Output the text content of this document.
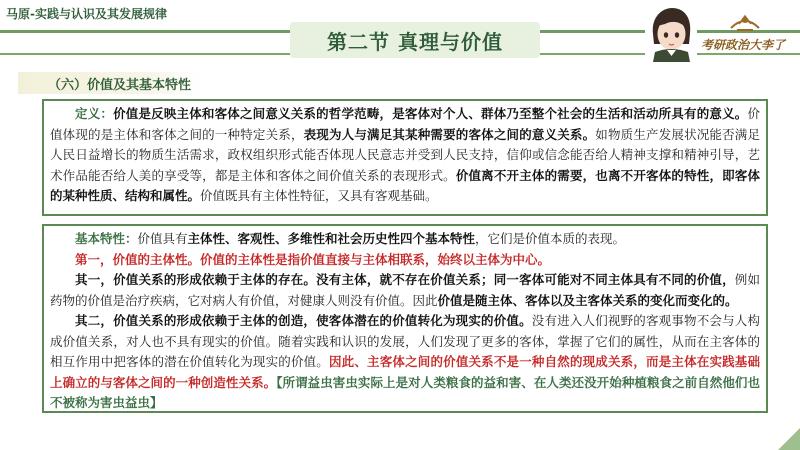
马原-实践与认识及其发展规律
第二节 真理与价值	考研政治大李了
（六）价值及其基本特性

定义：价值是反映主体和客体之间意义关系的哲学范畴，是客体对个人、群体乃至整个社会的生活和活动所具有的意义。价值体现的是主体和客体之间的一种特定关系，表现为人与满足其某种需要的客体之间的意义关系。如物质生产发展状况能否满足人民日益增长的物质生活需求，政权组织形式能否体现人民意志并受到人民支持，信仰或信念能否给人精神支撑和精神引导，艺术作品能否给人美的享受等，都是主体和客体之间价值关系的表现形式。价值离不开主体的需要，也离不开客体的特性，即客体的某种性质、结构和属性。价值既具有主体性特征，又具有客观基础。

基本特性：价值具有主体性、客观性、多维性和社会历史性四个基本特性，它们是价值本质的表现。

第一，价值的主体性。价值的主体性是指价值直接与主体相联系，始终以主体为中心。

其一，价值关系的形成依赖于主体的存在。没有主体，就不存在价值关系；同一客体可能对不同主体具有不同的价值，例如药物的价值是治疗疾病，它对病人有价值，对健康人则没有价值。因此价值是随主体、客体以及主客体关系的变化而变化的。

其二，价值关系的形成依赖于主体的创造，使客体潜在的价值转化为现实的价值。没有进入人们视野的客观事物不会与人构成价值关系，对人也不具有现实的价值。随着实践和认识的发展，人们发现了更多的客体，掌握了它们的属性，从而在主客体的相互作用中把客体的潜在价值转化为现实的价值。因此、主客体之间的价值关系不是一种自然的现成关系，而是主体在实践基础上确立的与客体之间的一种创造性关系。【所谓益虫害虫实际上是对人类粮食的益和害、在人类还没开始种植粮食之前自然他们也不被称为害虫益虫】
